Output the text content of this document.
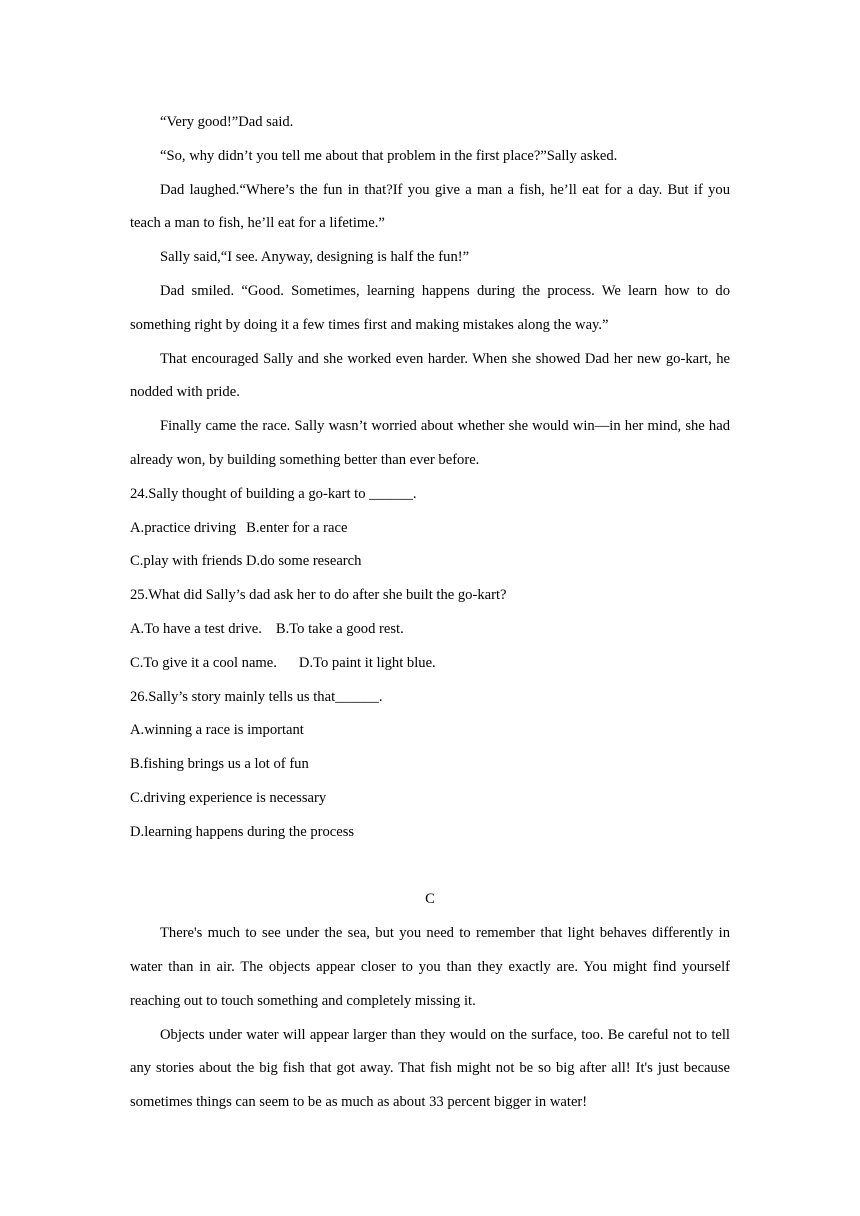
“Very good!”Dad said.

“So, why didn’t you tell me about that problem in the first place?”Sally asked.

Dad laughed.“Where’s the fun in that?If you give a man a fish, he’ll eat for a day. But if you teach a man to fish, he’ll eat for a lifetime.”

Sally said,“I see. Anyway, designing is half the fun!”

Dad smiled. “Good. Sometimes, learning happens during the process. We learn how to do something right by doing it a few times first and making mistakes along the way.”

That encouraged Sally and she worked even harder. When she showed Dad her new go-kart, he nodded with pride.

Finally came the race. Sally wasn’t worried about whether she would win—in her mind, she had already won, by building something better than ever before.

24.Sally thought of building a go-kart to ______.

A.practice driving B.enter for a race

C.play with friends D.do some research

25.What did Sally’s dad ask her to do after she built the go-kart?

A.To have a test drive. B.To take a good rest.

C.To give it a cool name. D.To paint it light blue.

26.Sally’s story mainly tells us that______.

A.winning a race is important

B.fishing brings us a lot of fun

C.driving experience is necessary

D.learning happens during the process

C

There's much to see under the sea, but you need to remember that light behaves differently in water than in air. The objects appear closer to you than they exactly are. You might find yourself reaching out to touch something and completely missing it.

Objects under water will appear larger than they would on the surface, too. Be careful not to tell any stories about the big fish that got away. That fish might not be so big after all! It's just because sometimes things can seem to be as much as about 33 percent bigger in water!
